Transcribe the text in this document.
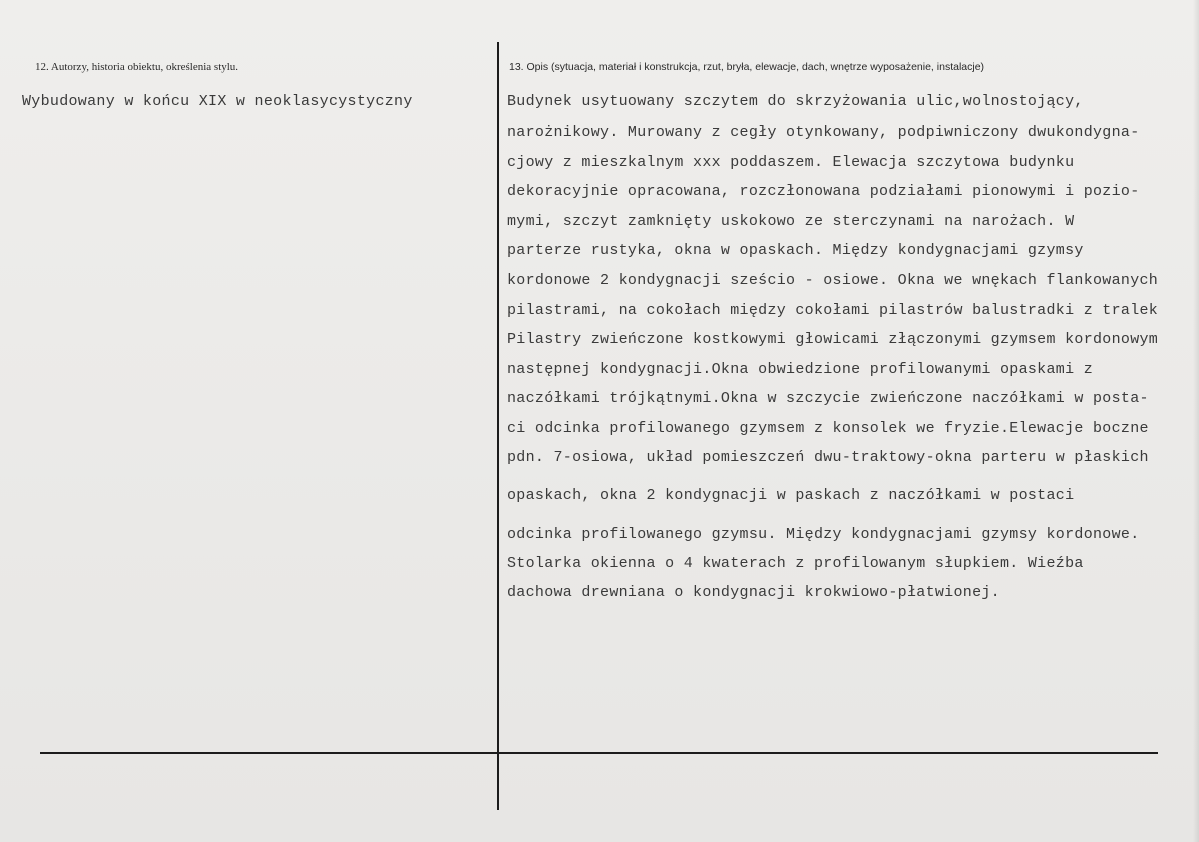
12. Autorzy, historia obiektu, określenia stylu.
Wybudowany w końcu XIX w neoklasycystyczny
13. Opis (sytuacja, materiał i konstrukcja, rzut, bryła, elewacje, dach, wnętrze wyposażenie, instalacje)
Budynek usytuowany szczytem do skrzyżowania ulic,wolnostojący,
narożnikowy. Murowany z cegły otynkowany, podpiwniczony dwukondygna-
cjowy z mieszkalnym xxx poddaszem. Elewacja szczytowa budynku
dekoracyjnie opracowana, rozczłonowana podziałami pionowymi i pozio-
mymi, szczyt zamknięty uskokowo ze sterczynami na narożach. W
parterze rustyka, okna w opaskach. Między kondygnacjami gzymsy
kordonowe 2 kondygnacji sześcio - osiowe. Okna we wnękach flankowanych
pilastrami, na cokołach między cokołami pilastrów balustradki z tralek
Pilastry zwieńczone kostkowymi głowicami złączonymi gzymsem kordonowym
następnej kondygnacji.Okna obwiedzione profilowanymi opaskami z
naczółkami trójkątnymi.Okna w szczycie zwieńczone naczółkami w posta-
ci odcinka profilowanego gzymsem z konsolek we fryzie.Elewacje boczne
pdn. 7-osiowa, układ pomieszczeń dwu-traktowy-okna parteru w płaskich
opaskach, okna 2 kondygnacji w paskach z naczółkami w postaci
odcinka profilowanego gzymsu. Między kondygnacjami gzymsy kordonowe.
Stolarka okienna o 4 kwaterach z profilowanym słupkiem. Wieźba
dachowa drewniana o kondygnacji krokwiowo-płatwionej.
